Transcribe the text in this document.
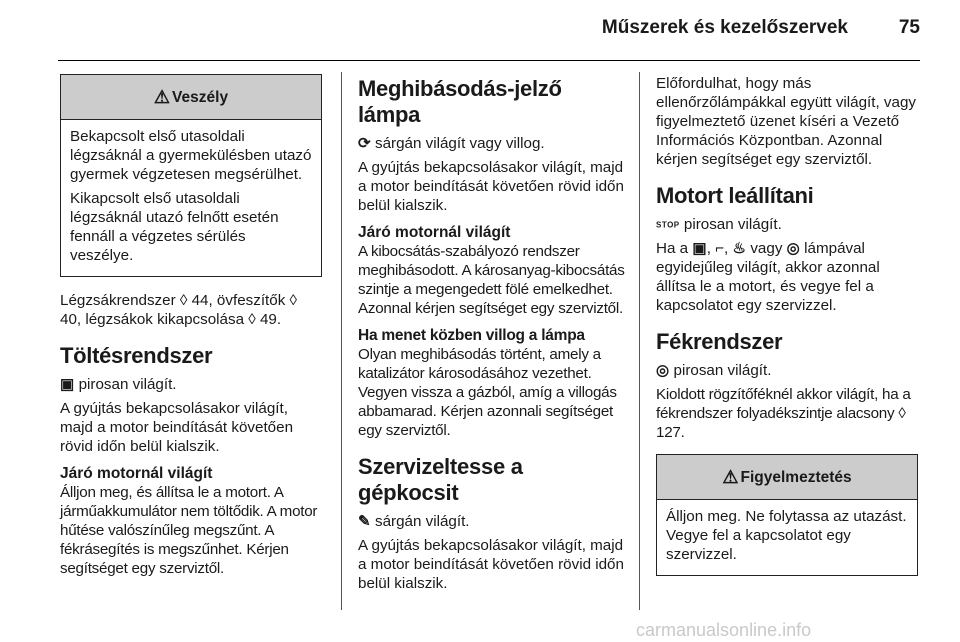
Műszerek és kezelőszervek	75
⚠ Veszély

Bekapcsolt első utasoldali légzsáknál a gyermekülésben utazó gyermek végzetesen megsérülhet.

Kikapcsolt első utasoldali légzsáknál utazó felnőtt esetén fennáll a végzetes sérülés veszélye.

Légzsákrendszer ◊ 44, övfeszítők ◊ 40, légzsákok kikapcsolása ◊ 49.

Töltésrendszer

▣ pirosan világít.

A gyújtás bekapcsolásakor világít, majd a motor beindítását követően rövid időn belül kialszik.

Járó motornál világít

Álljon meg, és állítsa le a motort. A járműakkumulátor nem töltődik. A motor hűtése valószínűleg megszűnt. A fékrásegítés is megszűnhet. Kérjen segítséget egy szerviztől.

Meghibásodás-jelző lámpa

⟳ sárgán világít vagy villog.

A gyújtás bekapcsolásakor világít, majd a motor beindítását követően rövid időn belül kialszik.

Járó motornál világít

A kibocsátás-szabályozó rendszer meghibásodott. A károsanyag-kibocsátás szintje a megengedett fölé emelkedhet. Azonnal kérjen segítséget egy szerviztől.

Ha menet közben villog a lámpa

Olyan meghibásodás történt, amely a katalizátor károsodásához vezethet. Vegyen vissza a gázból, amíg a villogás abbamarad. Kérjen azonnali segítséget egy szerviztől.

Szervizeltesse a gépkocsit

✎ sárgán világít.

A gyújtás bekapcsolásakor világít, majd a motor beindítását követően rövid időn belül kialszik.

Előfordulhat, hogy más ellenőrzőlámpákkal együtt világít, vagy figyelmeztető üzenet kíséri a Vezető Információs Központban. Azonnal kérjen segítséget egy szerviztől.

Motort leállítani

STOP pirosan világít.

Ha a ▣, ⌐, ♨ vagy ◎ lámpával egyidejűleg világít, akkor azonnal állítsa le a motort, és vegye fel a kapcsolatot egy szervizzel.

Fékrendszer

◎ pirosan világít.

Kioldott rögzítőféknél akkor világít, ha a fékrendszer folyadékszintje alacsony ◊ 127.

⚠ Figyelmeztetés

Álljon meg. Ne folytassa az utazást. Vegye fel a kapcsolatot egy szervizzel.

carmanualsonline.info
